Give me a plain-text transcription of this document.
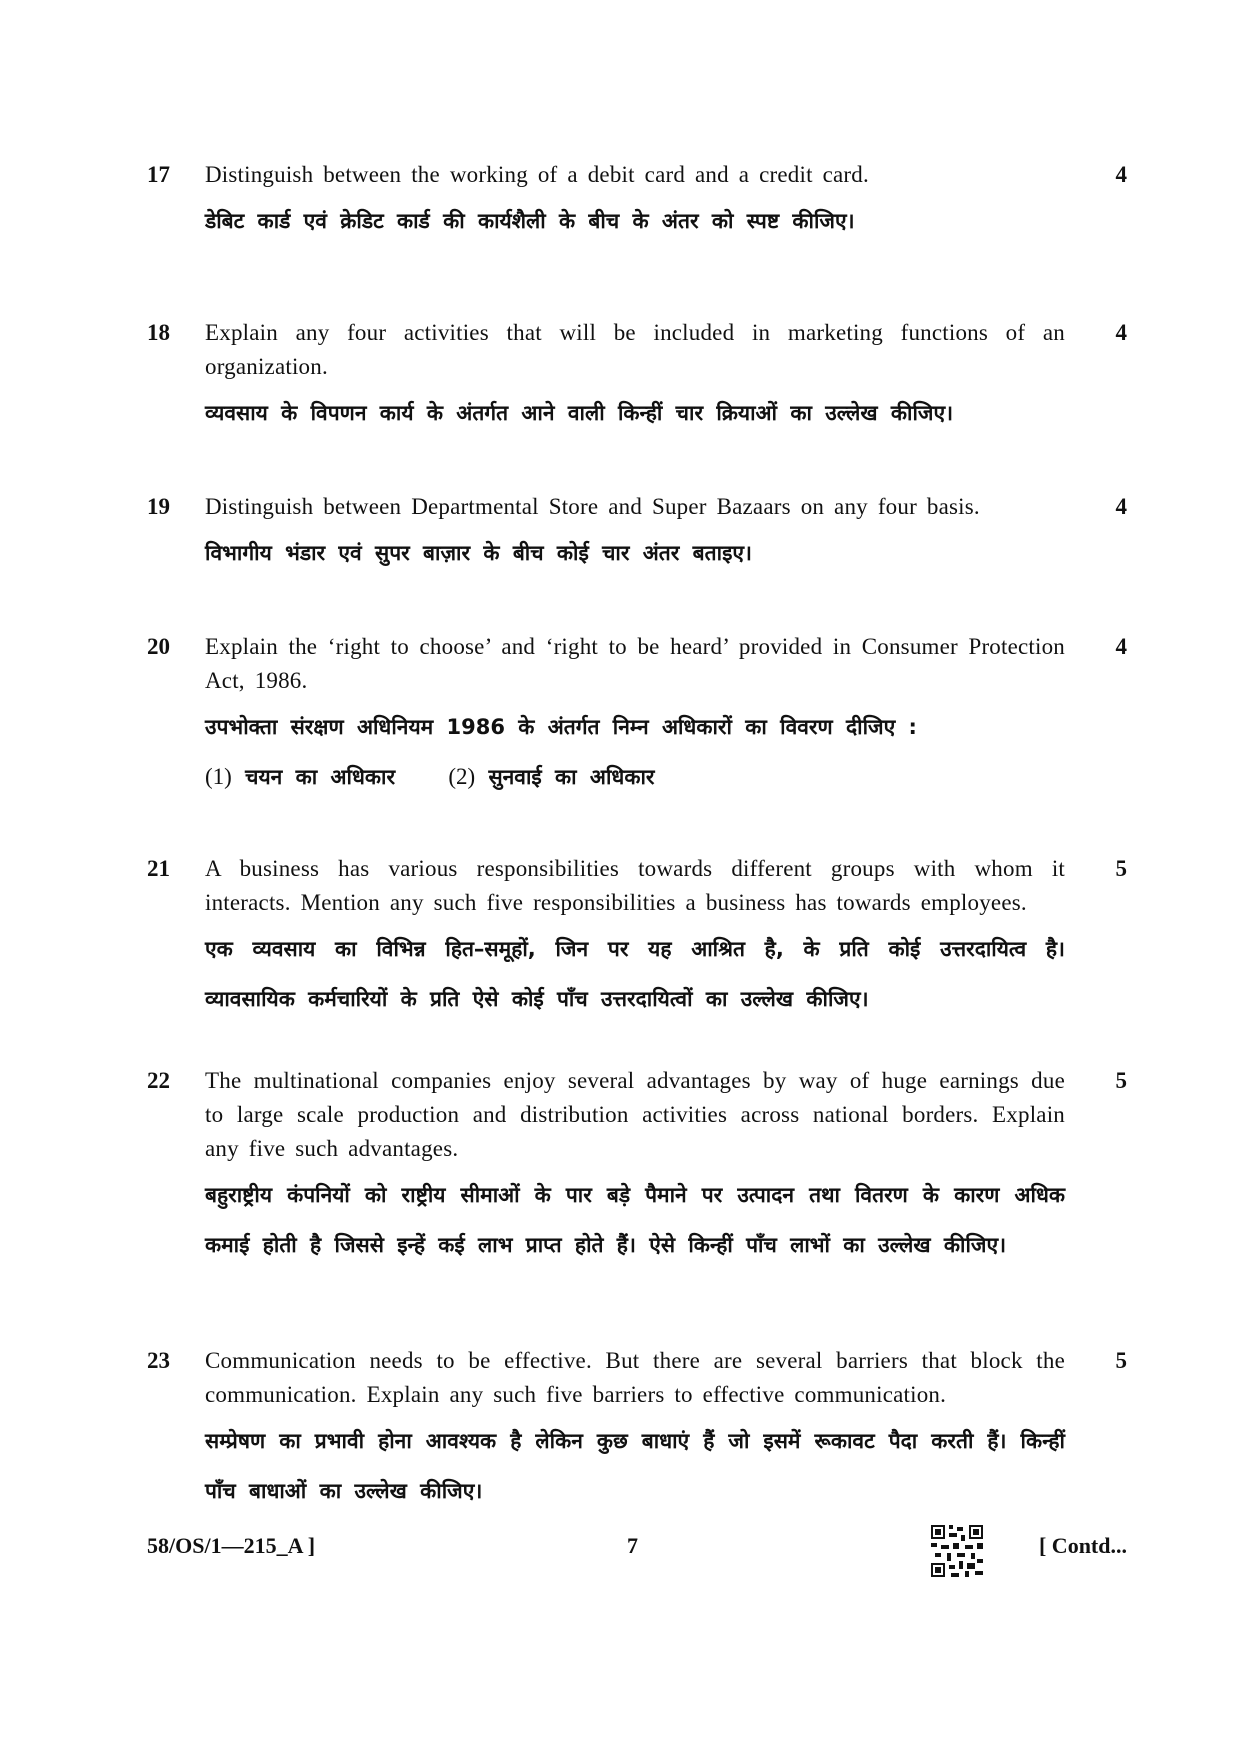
17	4
Distinguish between the working of a debit card and a credit card.
डेबिट कार्ड एवं क्रेडिट कार्ड की कार्यशैली के बीच के अंतर को स्पष्ट कीजिए।
18	4
Explain any four activities that will be included in marketing functions of an organization.
व्यवसाय के विपणन कार्य के अंतर्गत आने वाली किन्हीं चार क्रियाओं का उल्लेख कीजिए।
19	4
Distinguish between Departmental Store and Super Bazaars on any four basis.
विभागीय भंडार एवं सुपर बाज़ार के बीच कोई चार अंतर बताइए।
20	4
Explain the ‘right to choose’ and ‘right to be heard’ provided in Consumer Protection Act, 1986.
उपभोक्ता संरक्षण अधिनियम 1986 के अंतर्गत निम्न अधिकारों का विवरण दीजिए :
(1) चयन का अधिकार (2) सुनवाई का अधिकार
21	5
A business has various responsibilities towards different groups with whom it interacts. Mention any such five responsibilities a business has towards employees.
एक व्यवसाय का विभिन्न हित–समूहों, जिन पर यह आश्रित है, के प्रति कोई उत्तरदायित्व है। व्यावसायिक कर्मचारियों के प्रति ऐसे कोई पाँच उत्तरदायित्वों का उल्लेख कीजिए।
22	5
The multinational companies enjoy several advantages by way of huge earnings due to large scale production and distribution activities across national borders. Explain any five such advantages.
बहुराष्ट्रीय कंपनियों को राष्ट्रीय सीमाओं के पार बड़े पैमाने पर उत्पादन तथा वितरण के कारण अधिक कमाई होती है जिससे इन्हें कई लाभ प्राप्त होते हैं। ऐसे किन्हीं पाँच लाभों का उल्लेख कीजिए।
23	5
Communication needs to be effective. But there are several barriers that block the communication. Explain any such five barriers to effective communication.
सम्प्रेषण का प्रभावी होना आवश्यक है लेकिन कुछ बाधाएं हैं जो इसमें रूकावट पैदा करती हैं। किन्हीं पाँच बाधाओं का उल्लेख कीजिए।
58/OS/1—215_A ]	7	[ Contd...
